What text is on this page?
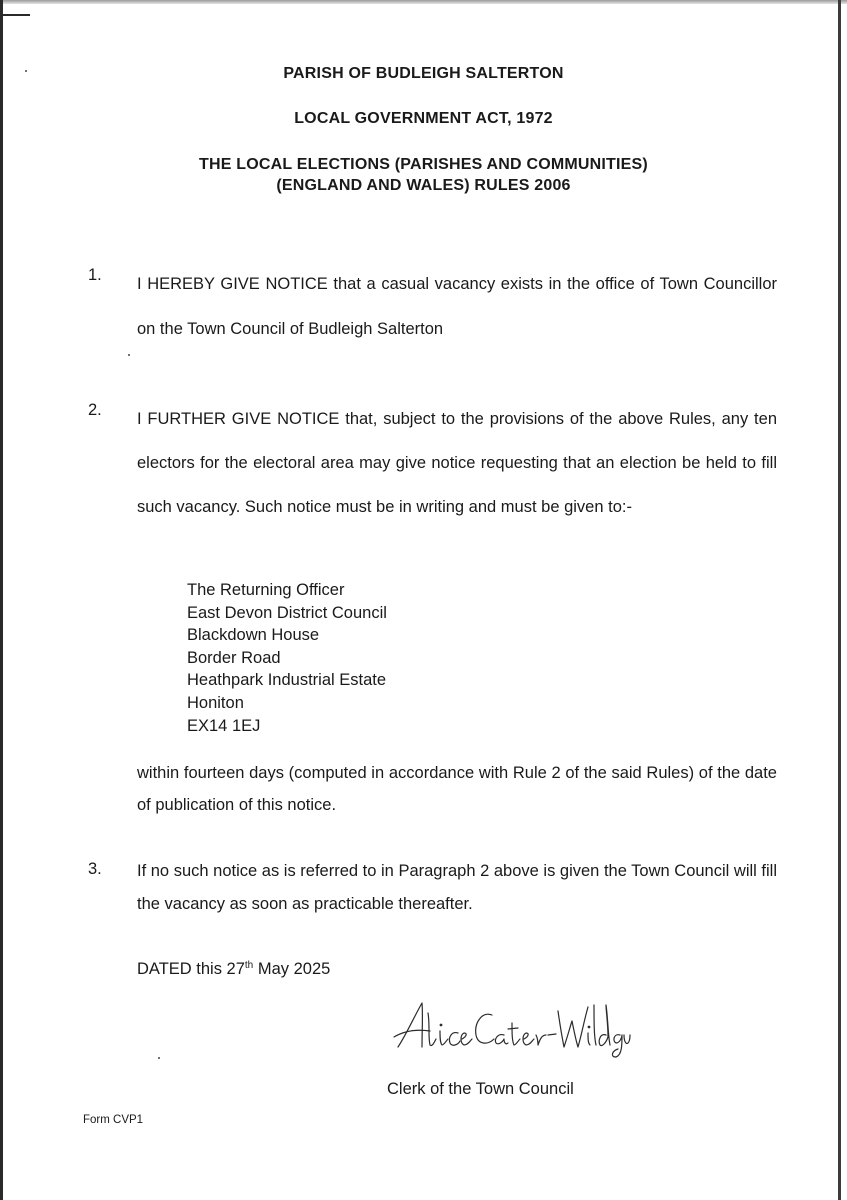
PARISH OF BUDLEIGH SALTERTON
LOCAL GOVERNMENT ACT, 1972
THE LOCAL ELECTIONS (PARISHES AND COMMUNITIES)
(ENGLAND AND WALES) RULES 2006
1. I HEREBY GIVE NOTICE that a casual vacancy exists in the office of Town Councillor on the Town Council of Budleigh Salterton

2. I FURTHER GIVE NOTICE that, subject to the provisions of the above Rules, any ten electors for the electoral area may give notice requesting that an election be held to fill such vacancy. Such notice must be in writing and must be given to:-

The Returning Officer
East Devon District Council
Blackdown House
Border Road
Heathpark Industrial Estate
Honiton
EX14 1EJ
within fourteen days (computed in accordance with Rule 2 of the said Rules) of the date of publication of this notice.
3. If no such notice as is referred to in Paragraph 2 above is given the Town Council will fill the vacancy as soon as practicable thereafter.

DATED this 27th May 2025
Clerk of the Town Council
Form CVP1
